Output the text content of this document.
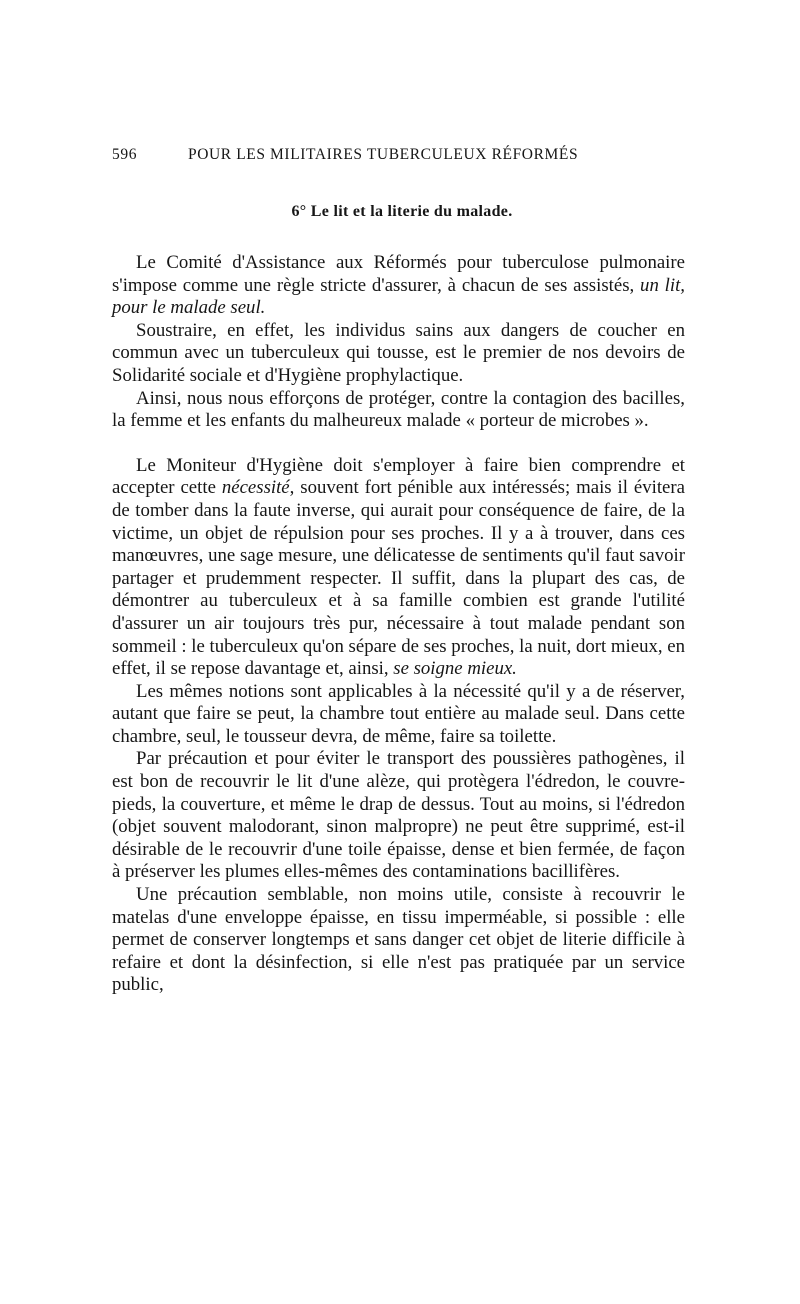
596	POUR LES MILITAIRES TUBERCULEUX RÉFORMÉS
6° Le lit et la literie du malade.

Le Comité d'Assistance aux Réformés pour tuberculose pulmonaire s'impose comme une règle stricte d'assurer, à chacun de ses assistés, un lit, pour le malade seul.

Soustraire, en effet, les individus sains aux dangers de coucher en commun avec un tuberculeux qui tousse, est le premier de nos devoirs de Solidarité sociale et d'Hygiène prophylactique.

Ainsi, nous nous efforçons de protéger, contre la contagion des bacilles, la femme et les enfants du malheureux malade « porteur de microbes ».

Le Moniteur d'Hygiène doit s'employer à faire bien comprendre et accepter cette nécessité, souvent fort pénible aux intéressés; mais il évitera de tomber dans la faute inverse, qui aurait pour conséquence de faire, de la victime, un objet de répulsion pour ses proches. Il y a à trouver, dans ces manœuvres, une sage mesure, une délicatesse de sentiments qu'il faut savoir partager et prudemment respecter. Il suffit, dans la plupart des cas, de démontrer au tuberculeux et à sa famille combien est grande l'utilité d'assurer un air toujours très pur, nécessaire à tout malade pendant son sommeil : le tuberculeux qu'on sépare de ses proches, la nuit, dort mieux, en effet, il se repose davantage et, ainsi, se soigne mieux.

Les mêmes notions sont applicables à la nécessité qu'il y a de réserver, autant que faire se peut, la chambre tout entière au malade seul. Dans cette chambre, seul, le tousseur devra, de même, faire sa toilette.

Par précaution et pour éviter le transport des poussières pathogènes, il est bon de recouvrir le lit d'une alèze, qui protègera l'édredon, le couvre-pieds, la couverture, et même le drap de dessus. Tout au moins, si l'édredon (objet souvent malodorant, sinon malpropre) ne peut être supprimé, est-il désirable de le recouvrir d'une toile épaisse, dense et bien fermée, de façon à préserver les plumes elles-mêmes des contaminations bacillifères.

Une précaution semblable, non moins utile, consiste à recouvrir le matelas d'une enveloppe épaisse, en tissu imperméable, si possible : elle permet de conserver longtemps et sans danger cet objet de literie difficile à refaire et dont la désinfection, si elle n'est pas pratiquée par un service public,
